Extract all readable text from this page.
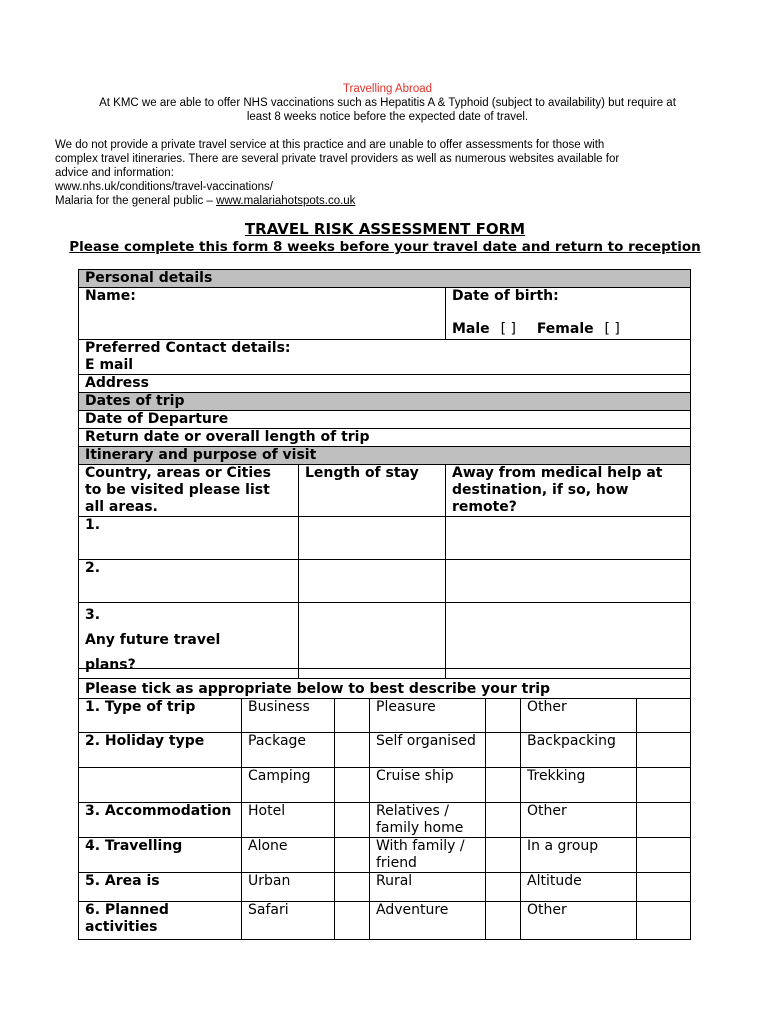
Travelling Abroad
At KMC we are able to offer NHS vaccinations such as Hepatitis A & Typhoid (subject to availability) but require at
least 8 weeks notice before the expected date of travel.
We do not provide a private travel service at this practice and are unable to offer assessments for those with
complex travel itineraries. There are several private travel providers as well as numerous websites available for
advice and information:
www.nhs.uk/conditions/travel-vaccinations/
Malaria for the general public – www.malariahotspots.co.uk
TRAVEL RISK ASSESSMENT FORM
Please complete this form 8 weeks before your travel date and return to reception
Personal details		
Name:		Date of birth:
Male [ ] Female [ ]

Preferred Contact details:
E mail		

Address		
Dates of trip		
Date of Departure		
Return date or overall length of trip		
Itinerary and purpose of visit		
Country, areas or Cities to be visited please list all areas.	Length of stay	Away from medical help at destination, if so, how remote?
1.		
2.		

3.
Any future travel
plans?		

Please tick as appropriate below to best describe your trip						
1. Type of trip	Business		Pleasure		Other	
2. Holiday type	Package		Self organised		Backpacking	
	Camping		Cruise ship		Trekking	
3. Accommodation	Hotel		Relatives / family home		Other	
4. Travelling	Alone		With family / friend		In a group	
5. Area is	Urban		Rural		Altitude	
6. Planned activities	Safari		Adventure		Other	
